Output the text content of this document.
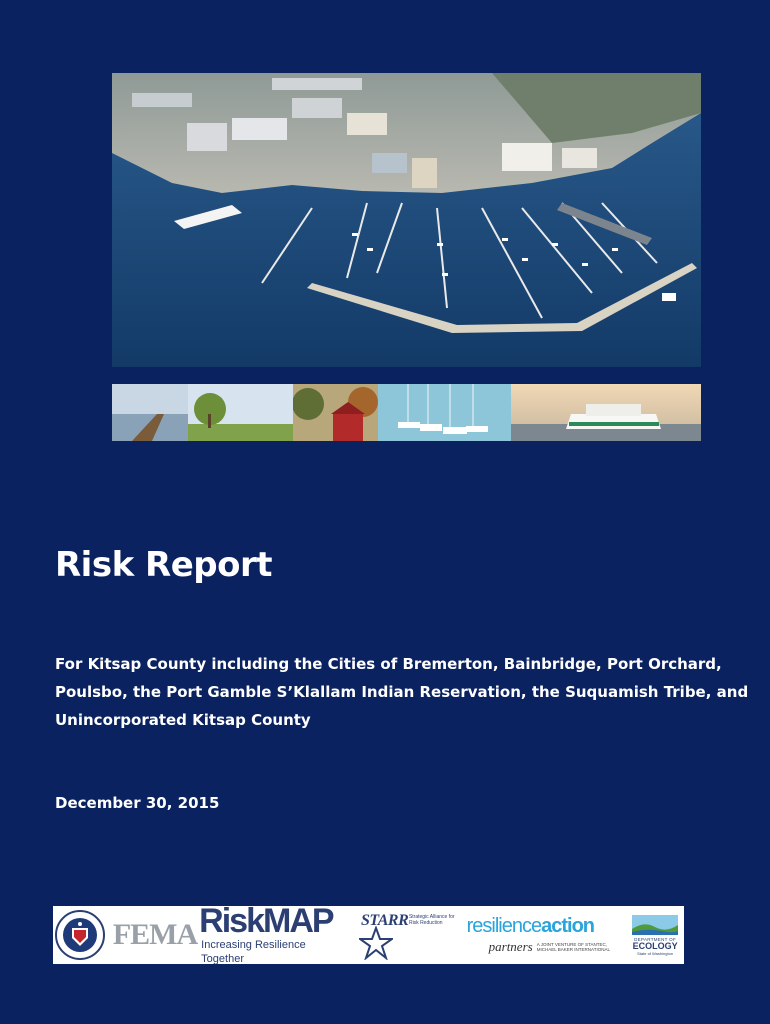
Risk Report

For Kitsap County including the Cities of Bremerton, Bainbridge, Port Orchard, Poulsbo, the Port Gamble S’Klallam Indian Reservation, the Suquamish Tribe, and Unincorporated Kitsap County

December 30, 2015

FEMA RiskMAP
Increasing Resilience Together
STARR Strategic Alliance for Risk Reduction	resilienceaction
partners A JOINT VENTURE OF STANTEC, MICHAEL BAKER INTERNATIONAL
DEPARTMENT OF
ECOLOGY
State of Washington
